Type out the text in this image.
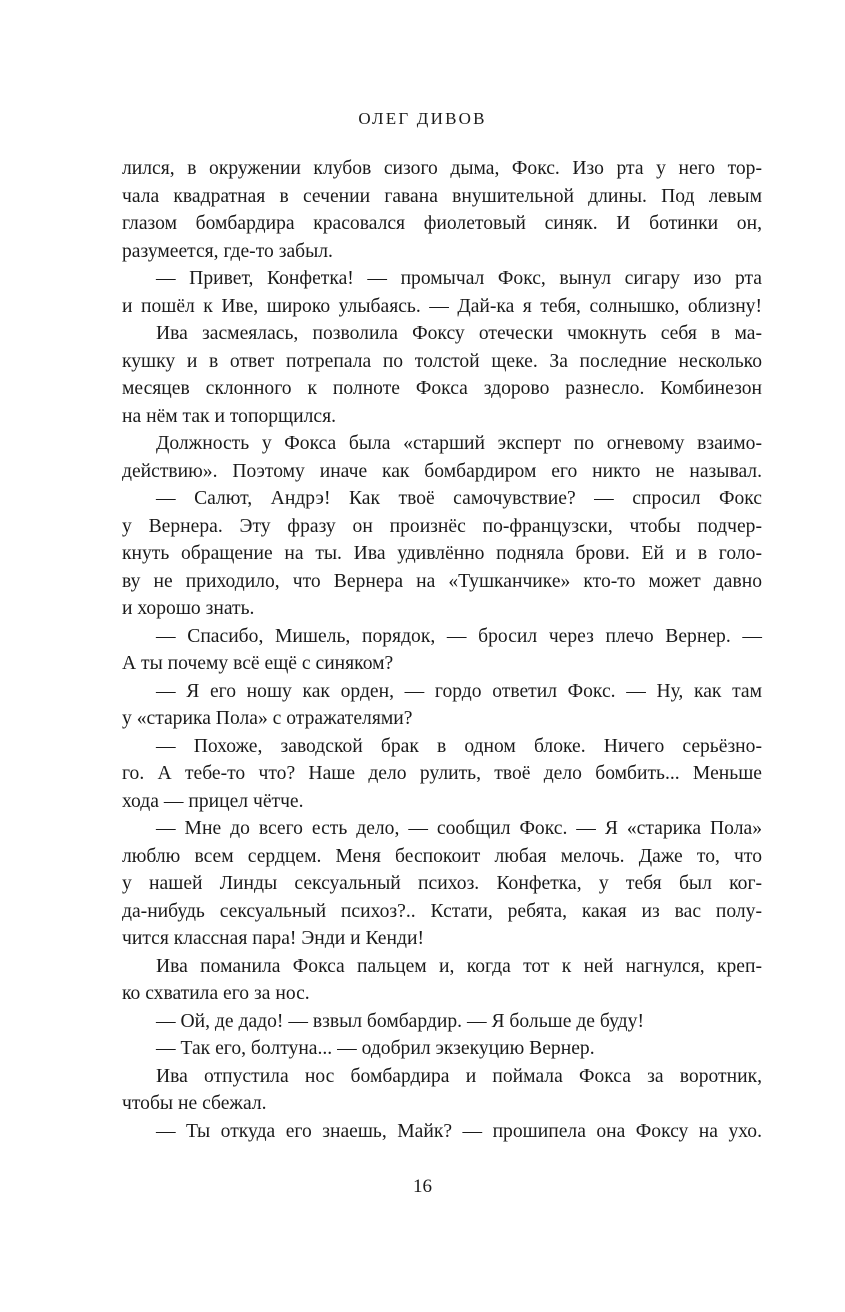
ОЛЕГ ДИВОВ
лился, в окружении клубов сизого дыма, Фокс. Изо рта у него тор-
чала квадратная в сечении гавана внушительной длины. Под левым
глазом бомбардира красовался фиолетовый синяк. И ботинки он,
разумеется, где-то забыл.
— Привет, Конфетка! — промычал Фокс, вынул сигару изо рта
и пошёл к Иве, широко улыбаясь. — Дай-ка я тебя, солнышко, облизну!
Ива засмеялась, позволила Фоксу отечески чмокнуть себя в ма-
кушку и в ответ потрепала по толстой щеке. За последние несколько
месяцев склонного к полноте Фокса здорово разнесло. Комбинезон
на нём так и топорщился.
Должность у Фокса была «старший эксперт по огневому взаимо-
действию». Поэтому иначе как бомбардиром его никто не называл.
— Салют, Андрэ! Как твоё самочувствие? — спросил Фокс
у Вернера. Эту фразу он произнёс по-французски, чтобы подчер-
кнуть обращение на ты. Ива удивлённо подняла брови. Ей и в голо-
ву не приходило, что Вернера на «Тушканчике» кто-то может давно
и хорошо знать.
— Спасибо, Мишель, порядок, — бросил через плечо Вернер. —
А ты почему всё ещё с синяком?
— Я его ношу как орден, — гордо ответил Фокс. — Ну, как там
у «старика Пола» с отражателями?
— Похоже, заводской брак в одном блоке. Ничего серьёзно-
го. А тебе-то что? Наше дело рулить, твоё дело бомбить... Меньше
хода — прицел чётче.
— Мне до всего есть дело, — сообщил Фокс. — Я «старика Пола»
люблю всем сердцем. Меня беспокоит любая мелочь. Даже то, что
у нашей Линды сексуальный психоз. Конфетка, у тебя был ког-
да-нибудь сексуальный психоз?.. Кстати, ребята, какая из вас полу-
чится классная пара! Энди и Кенди!
Ива поманила Фокса пальцем и, когда тот к ней нагнулся, креп-
ко схватила его за нос.
— Ой, де дадо! — взвыл бомбардир. — Я больше де буду!
— Так его, болтуна... — одобрил экзекуцию Вернер.
Ива отпустила нос бомбардира и поймала Фокса за воротник,
чтобы не сбежал.
— Ты откуда его знаешь, Майк? — прошипела она Фоксу на ухо.
16
